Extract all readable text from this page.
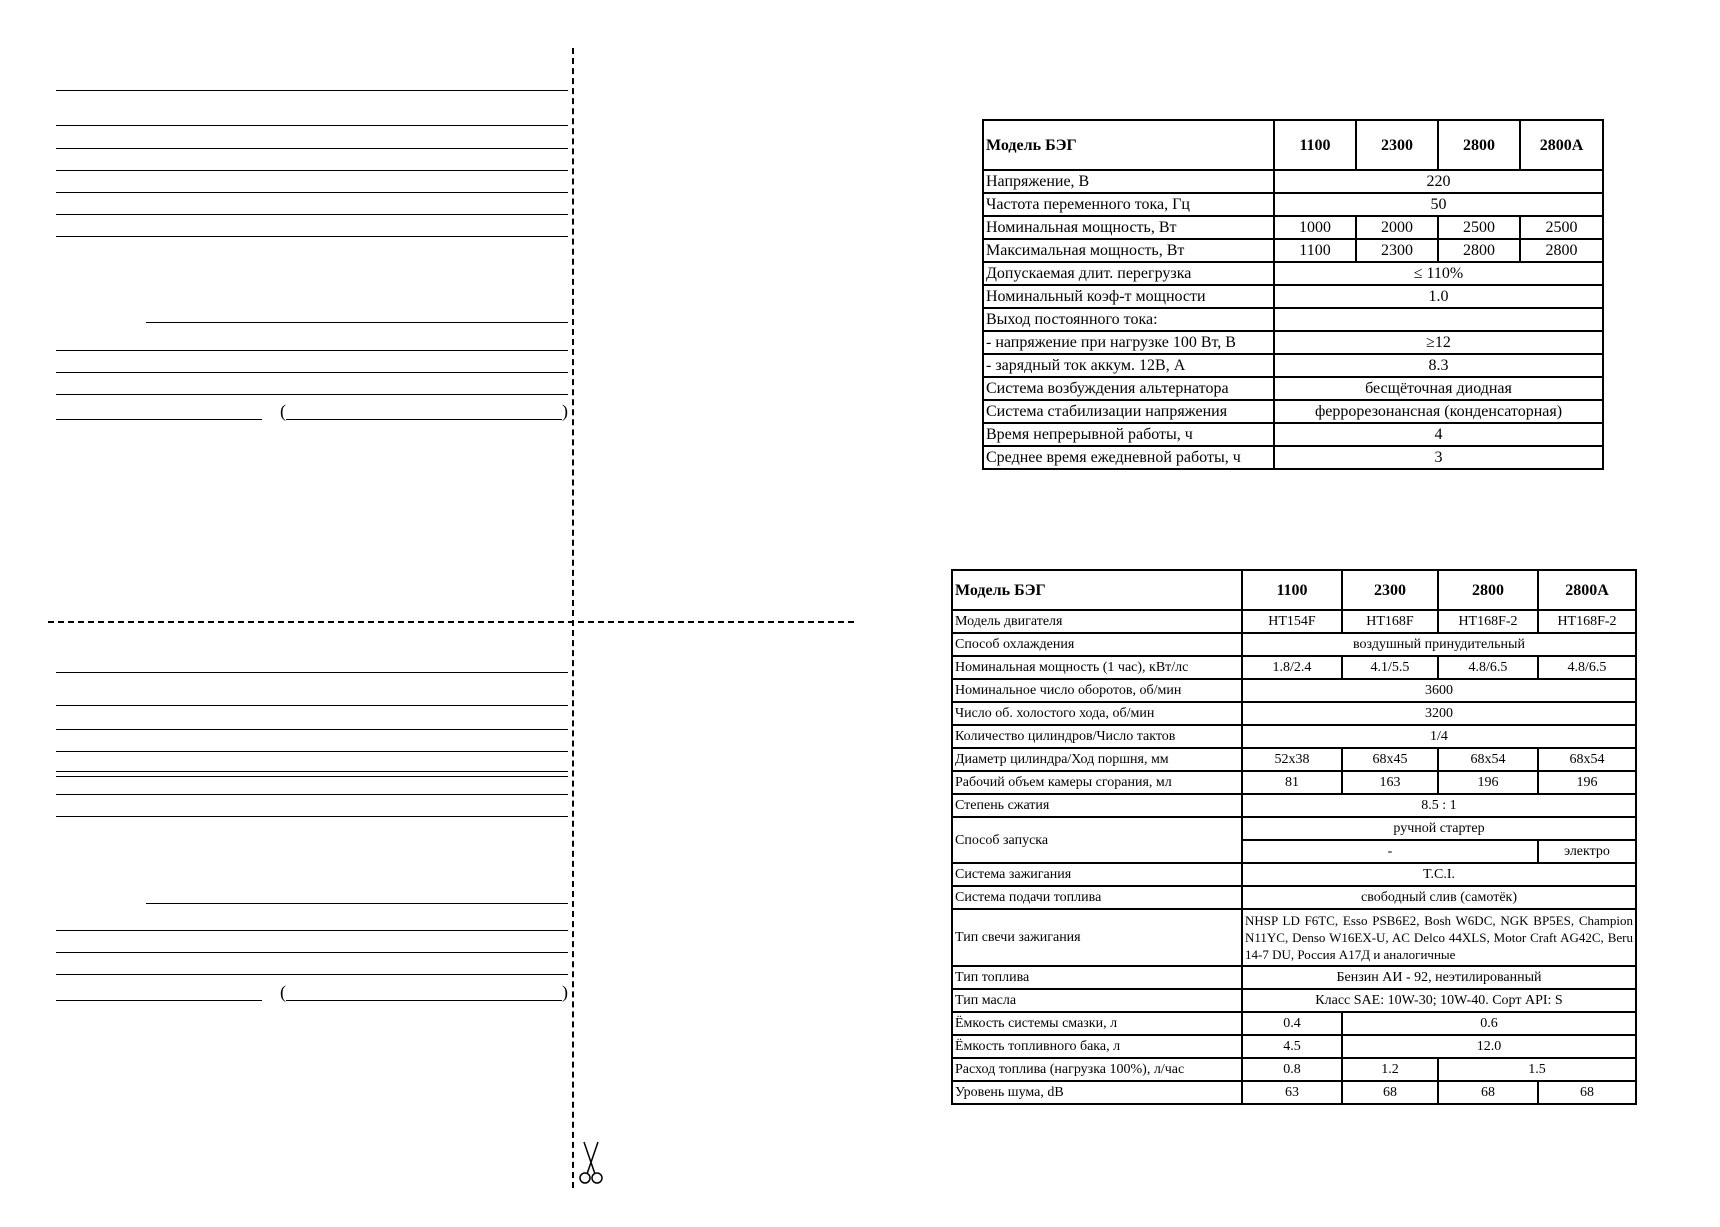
(	)
(	)
Модель БЭГ	1100	2300	2800	2800A
Напряжение, В	220			
Частота переменного тока, Гц	50			
Номинальная мощность, Вт	1000	2000	2500	2500
Максимальная мощность, Вт	1100	2300	2800	2800
Допускаемая длит. перегрузка	≤ 110%			
Номинальный коэф-т мощности	1.0			
Выход постоянного тока:				
- напряжение при нагрузке 100 Вт, В	≥12			
- зарядный ток аккум. 12В, А	8.3			
Система возбуждения альтернатора	бесщёточная диодная			
Система стабилизации напряжения	феррорезонансная (конденсаторная)			
Время непрерывной работы, ч	4			
Среднее время ежедневной работы, ч	3			
Модель БЭГ	1100	2300	2800	2800A
Модель двигателя	HT154F	HT168F	HT168F-2	HT168F-2
Способ охлаждения	воздушный принудительный			
Номинальная мощность (1 час), кВт/лс	1.8/2.4	4.1/5.5	4.8/6.5	4.8/6.5
Номинальное число оборотов, об/мин	3600			
Число об. холостого хода, об/мин	3200			
Количество цилиндров/Число тактов	1/4			
Диаметр цилиндра/Ход поршня, мм	52x38	68x45	68x54	68x54
Рабочий объем камеры сгорания, мл	81	163	196	196
Степень сжатия	8.5 : 1			
Способ запуска	ручной стартер			
	-			электро
Система зажигания	T.C.I.			
Система подачи топлива	свободный слив (самотёк)			
Тип свечи зажигания	NHSP LD F6TC, Esso PSB6E2, Bosh W6DC, NGK BP5ES, Champion N11YC, Denso W16EX-U, AC Delco 44XLS, Motor Craft AG42C, Beru 14-7 DU, Россия А17Д и аналогичные			
Тип топлива	Бензин АИ - 92, неэтилированный			
Тип масла	Класс SAE: 10W-30; 10W-40. Сорт API: S			
Ёмкость системы смазки, л	0.4	0.6		
Ёмкость топливного бака, л	4.5	12.0		
Расход топлива (нагрузка 100%), л/час	0.8	1.2	1.5	
Уровень шума, dB	63	68	68	68
